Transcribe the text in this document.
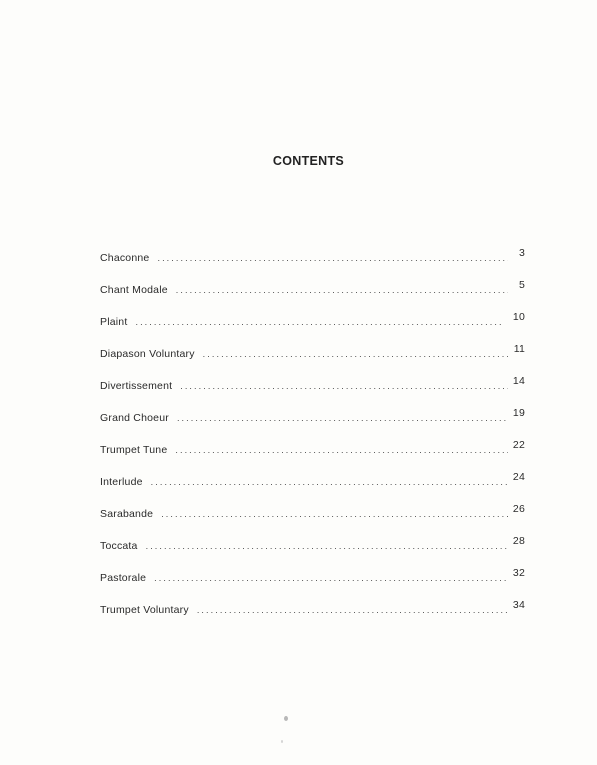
CONTENTS
Chaconne . . .	3
Chant Modale . . .	5
Plaint . . .	10
Diapason Voluntary . . .	11
Divertissement . . .	14
Grand Choeur . . .	19
Trumpet Tune . . .	22
Interlude . . .	24
Sarabande . . .	26
Toccata . . .	28
Pastorale . . .	32
Trumpet Voluntary . . .	34
